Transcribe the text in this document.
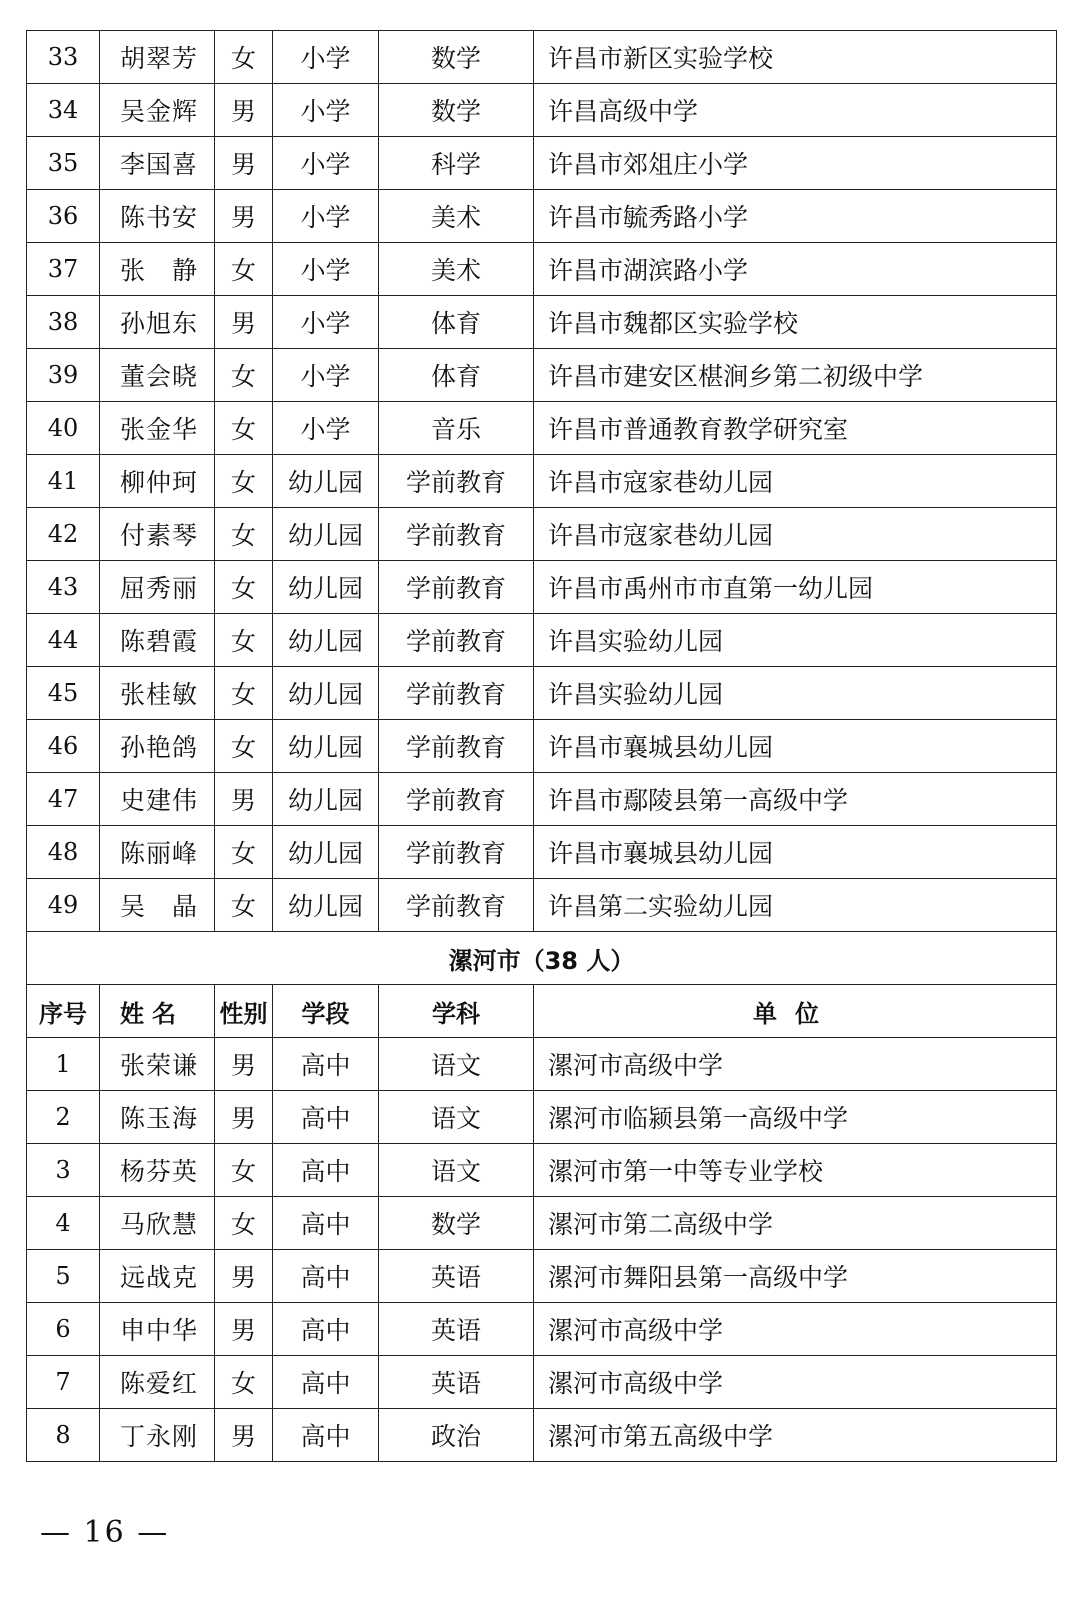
33	胡翠芳	女	小学	数学	许昌市新区实验学校
34	吴金辉	男	小学	数学	许昌高级中学
35	李国喜	男	小学	科学	许昌市郊俎庄小学
36	陈书安	男	小学	美术	许昌市毓秀路小学
37	张　静	女	小学	美术	许昌市湖滨路小学
38	孙旭东	男	小学	体育	许昌市魏都区实验学校
39	董会晓	女	小学	体育	许昌市建安区椹涧乡第二初级中学
40	张金华	女	小学	音乐	许昌市普通教育教学研究室
41	柳仲珂	女	幼儿园	学前教育	许昌市寇家巷幼儿园
42	付素琴	女	幼儿园	学前教育	许昌市寇家巷幼儿园
43	屈秀丽	女	幼儿园	学前教育	许昌市禹州市市直第一幼儿园
44	陈碧霞	女	幼儿园	学前教育	许昌实验幼儿园
45	张桂敏	女	幼儿园	学前教育	许昌实验幼儿园
46	孙艳鸽	女	幼儿园	学前教育	许昌市襄城县幼儿园
47	史建伟	男	幼儿园	学前教育	许昌市鄢陵县第一高级中学
48	陈丽峰	女	幼儿园	学前教育	许昌市襄城县幼儿园
49	吴　晶	女	幼儿园	学前教育	许昌第二实验幼儿园
漯河市（38 人）					
序号	姓名	性别	学段	学科	单位
1	张荣谦	男	高中	语文	漯河市高级中学
2	陈玉海	男	高中	语文	漯河市临颍县第一高级中学
3	杨芬英	女	高中	语文	漯河市第一中等专业学校
4	马欣慧	女	高中	数学	漯河市第二高级中学
5	远战克	男	高中	英语	漯河市舞阳县第一高级中学
6	申中华	男	高中	英语	漯河市高级中学
7	陈爱红	女	高中	英语	漯河市高级中学
8	丁永刚	男	高中	政治	漯河市第五高级中学
— 16 —
